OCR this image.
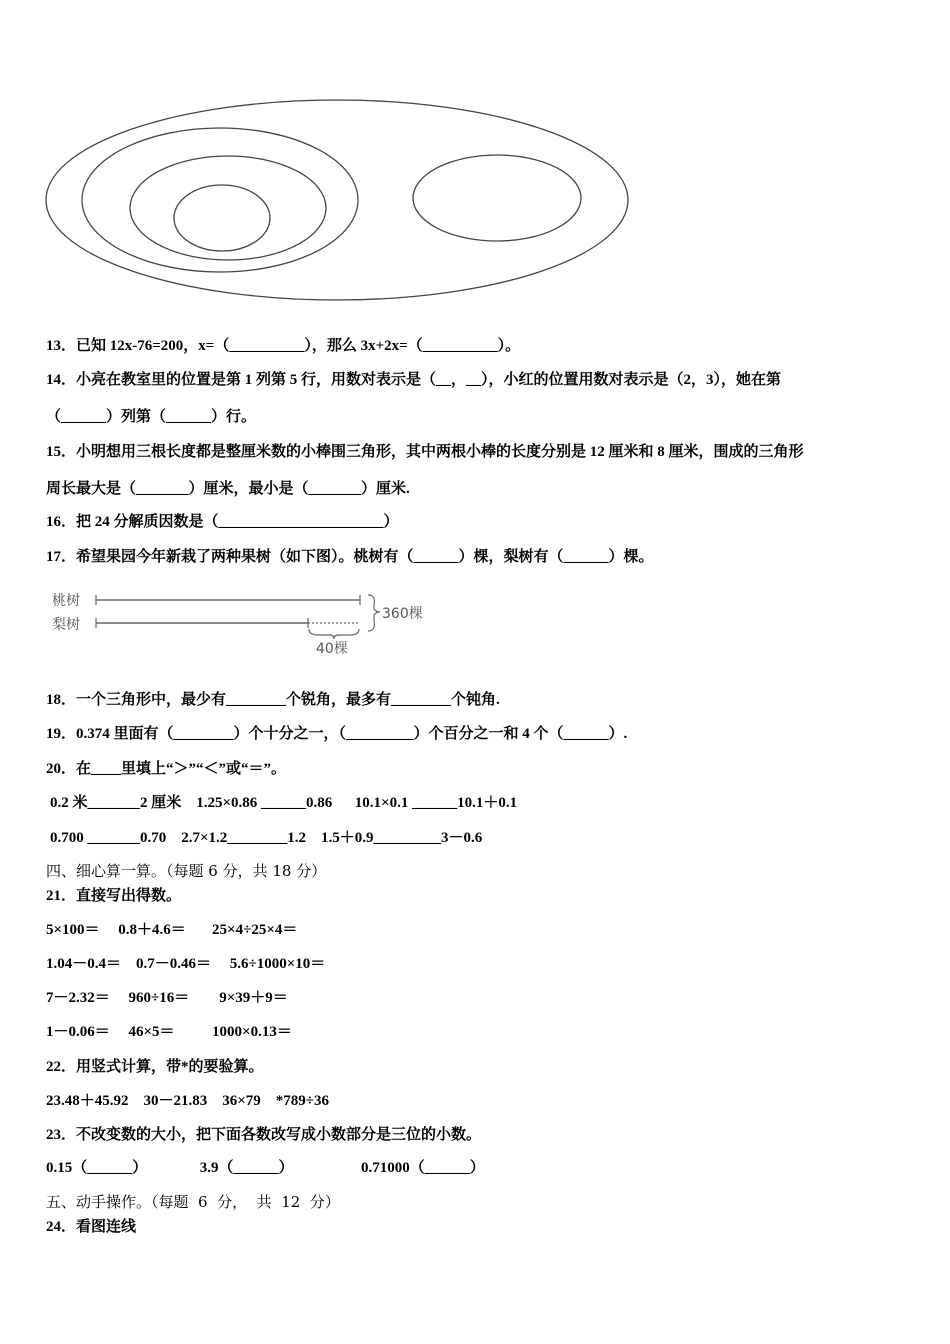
13．已知 12x-76=200，x=（__________），那么 3x+2x=（__________）。
14．小亮在教室里的位置是第 1 列第 5 行，用数对表示是（__，__），小红的位置用数对表示是（2，3），她在第
（______）列第（______）行。
15．小明想用三根长度都是整厘米数的小棒围三角形，其中两根小棒的长度分别是 12 厘米和 8 厘米，围成的三角形
周长最大是（_______）厘米，最小是（_______）厘米.
16．把 24 分解质因数是（______________________）
17．希望果园今年新栽了两种果树（如下图）。桃树有（______）棵，梨树有（______）棵。
桃树
梨树
360棵
40棵
18．一个三角形中，最少有________个锐角，最多有________个钝角.
19．0.374 里面有（________）个十分之一，（_________）个百分之一和 4 个（______）.
20．在____里填上“＞”“＜”或“＝”。
0.2 米_______2 厘米    1.25×0.86 ______0.86      10.1×0.1 ______10.1＋0.1
0.700 _______0.70    2.7×1.2________1.2    1.5＋0.9_________3－0.6
四、细心算一算。（每题 6 分，共 18 分）
21．直接写出得数。
5×100＝     0.8＋4.6＝       25×4÷25×4＝
1.04－0.4＝    0.7－0.46＝     5.6÷1000×10＝
7－2.32＝     960÷16＝        9×39＋9＝
1－0.06＝     46×5＝          1000×0.13＝
22．用竖式计算，带*的要验算。
23.48＋45.92    30－21.83    36×79    *789÷36
23．不改变数的大小，把下面各数改写成小数部分是三位的小数。
0.15（______）              3.9（______）                  0.71000（______）
五、动手操作。（每题  6  分，  共  12  分）
24．看图连线
